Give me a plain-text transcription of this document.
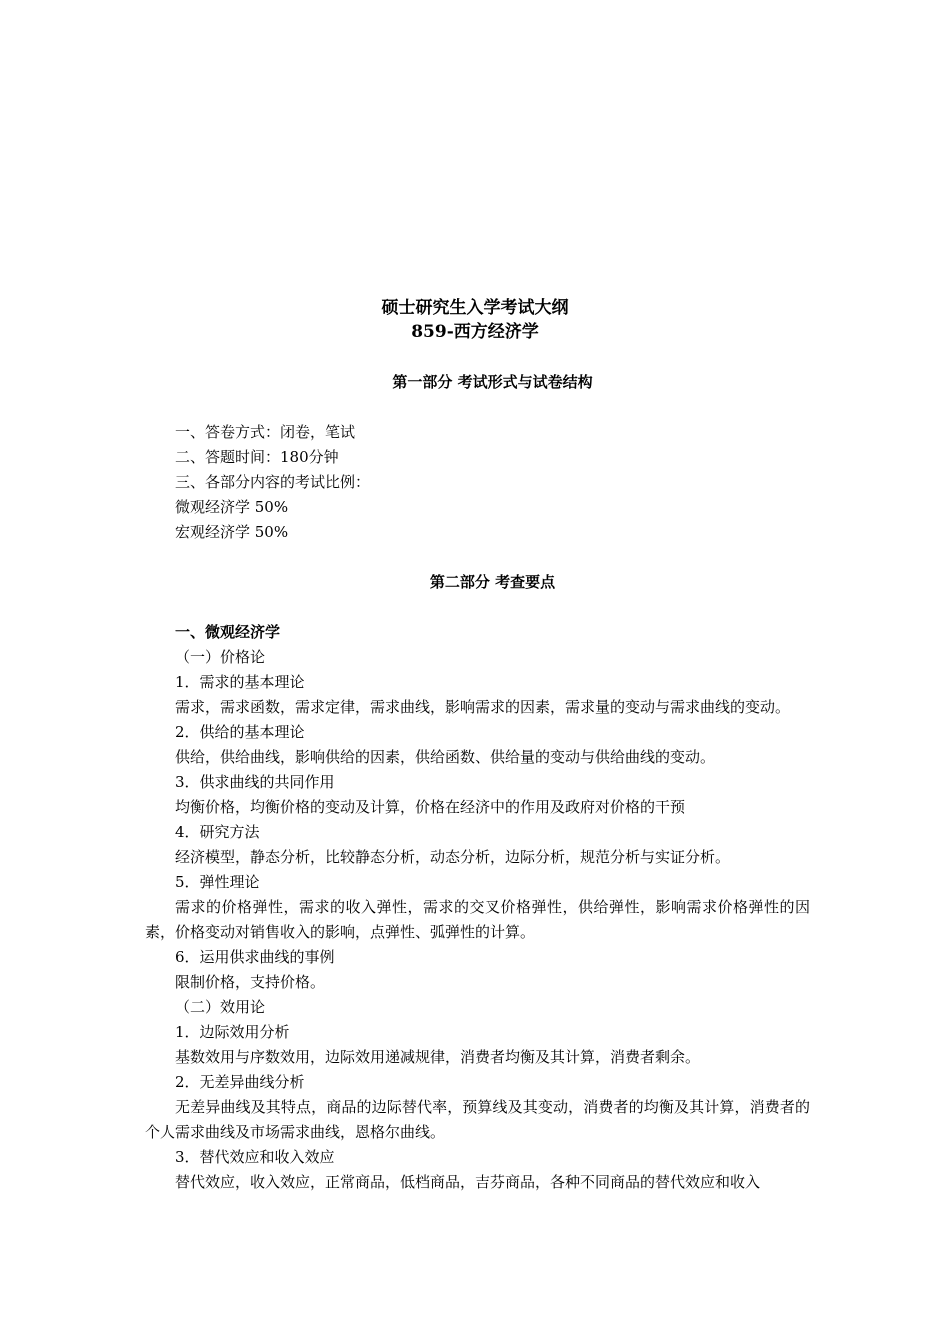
硕士研究生入学考试大纲
859-西方经济学
第一部分 考试形式与试卷结构
一、答卷方式：闭卷，笔试
二、答题时间：180分钟
三、各部分内容的考试比例：
微观经济学 50%
宏观经济学 50%
第二部分 考查要点
一、微观经济学
（一）价格论
1．需求的基本理论
需求，需求函数，需求定律，需求曲线，影响需求的因素，需求量的变动与需求曲线的变动。
2．供给的基本理论
供给，供给曲线，影响供给的因素，供给函数、供给量的变动与供给曲线的变动。
3．供求曲线的共同作用
均衡价格，均衡价格的变动及计算，价格在经济中的作用及政府对价格的干预
4．研究方法
经济模型，静态分析，比较静态分析，动态分析，边际分析，规范分析与实证分析。
5．弹性理论
需求的价格弹性，需求的收入弹性，需求的交叉价格弹性，供给弹性，影响需求价格弹性的因素，价格变动对销售收入的影响，点弹性、弧弹性的计算。
6．运用供求曲线的事例
限制价格，支持价格。
（二）效用论
1．边际效用分析
基数效用与序数效用，边际效用递减规律，消费者均衡及其计算，消费者剩余。
2．无差异曲线分析
无差异曲线及其特点，商品的边际替代率，预算线及其变动，消费者的均衡及其计算，消费者的个人需求曲线及市场需求曲线，恩格尔曲线。
3．替代效应和收入效应
替代效应，收入效应，正常商品，低档商品，吉芬商品，各种不同商品的替代效应和收入
